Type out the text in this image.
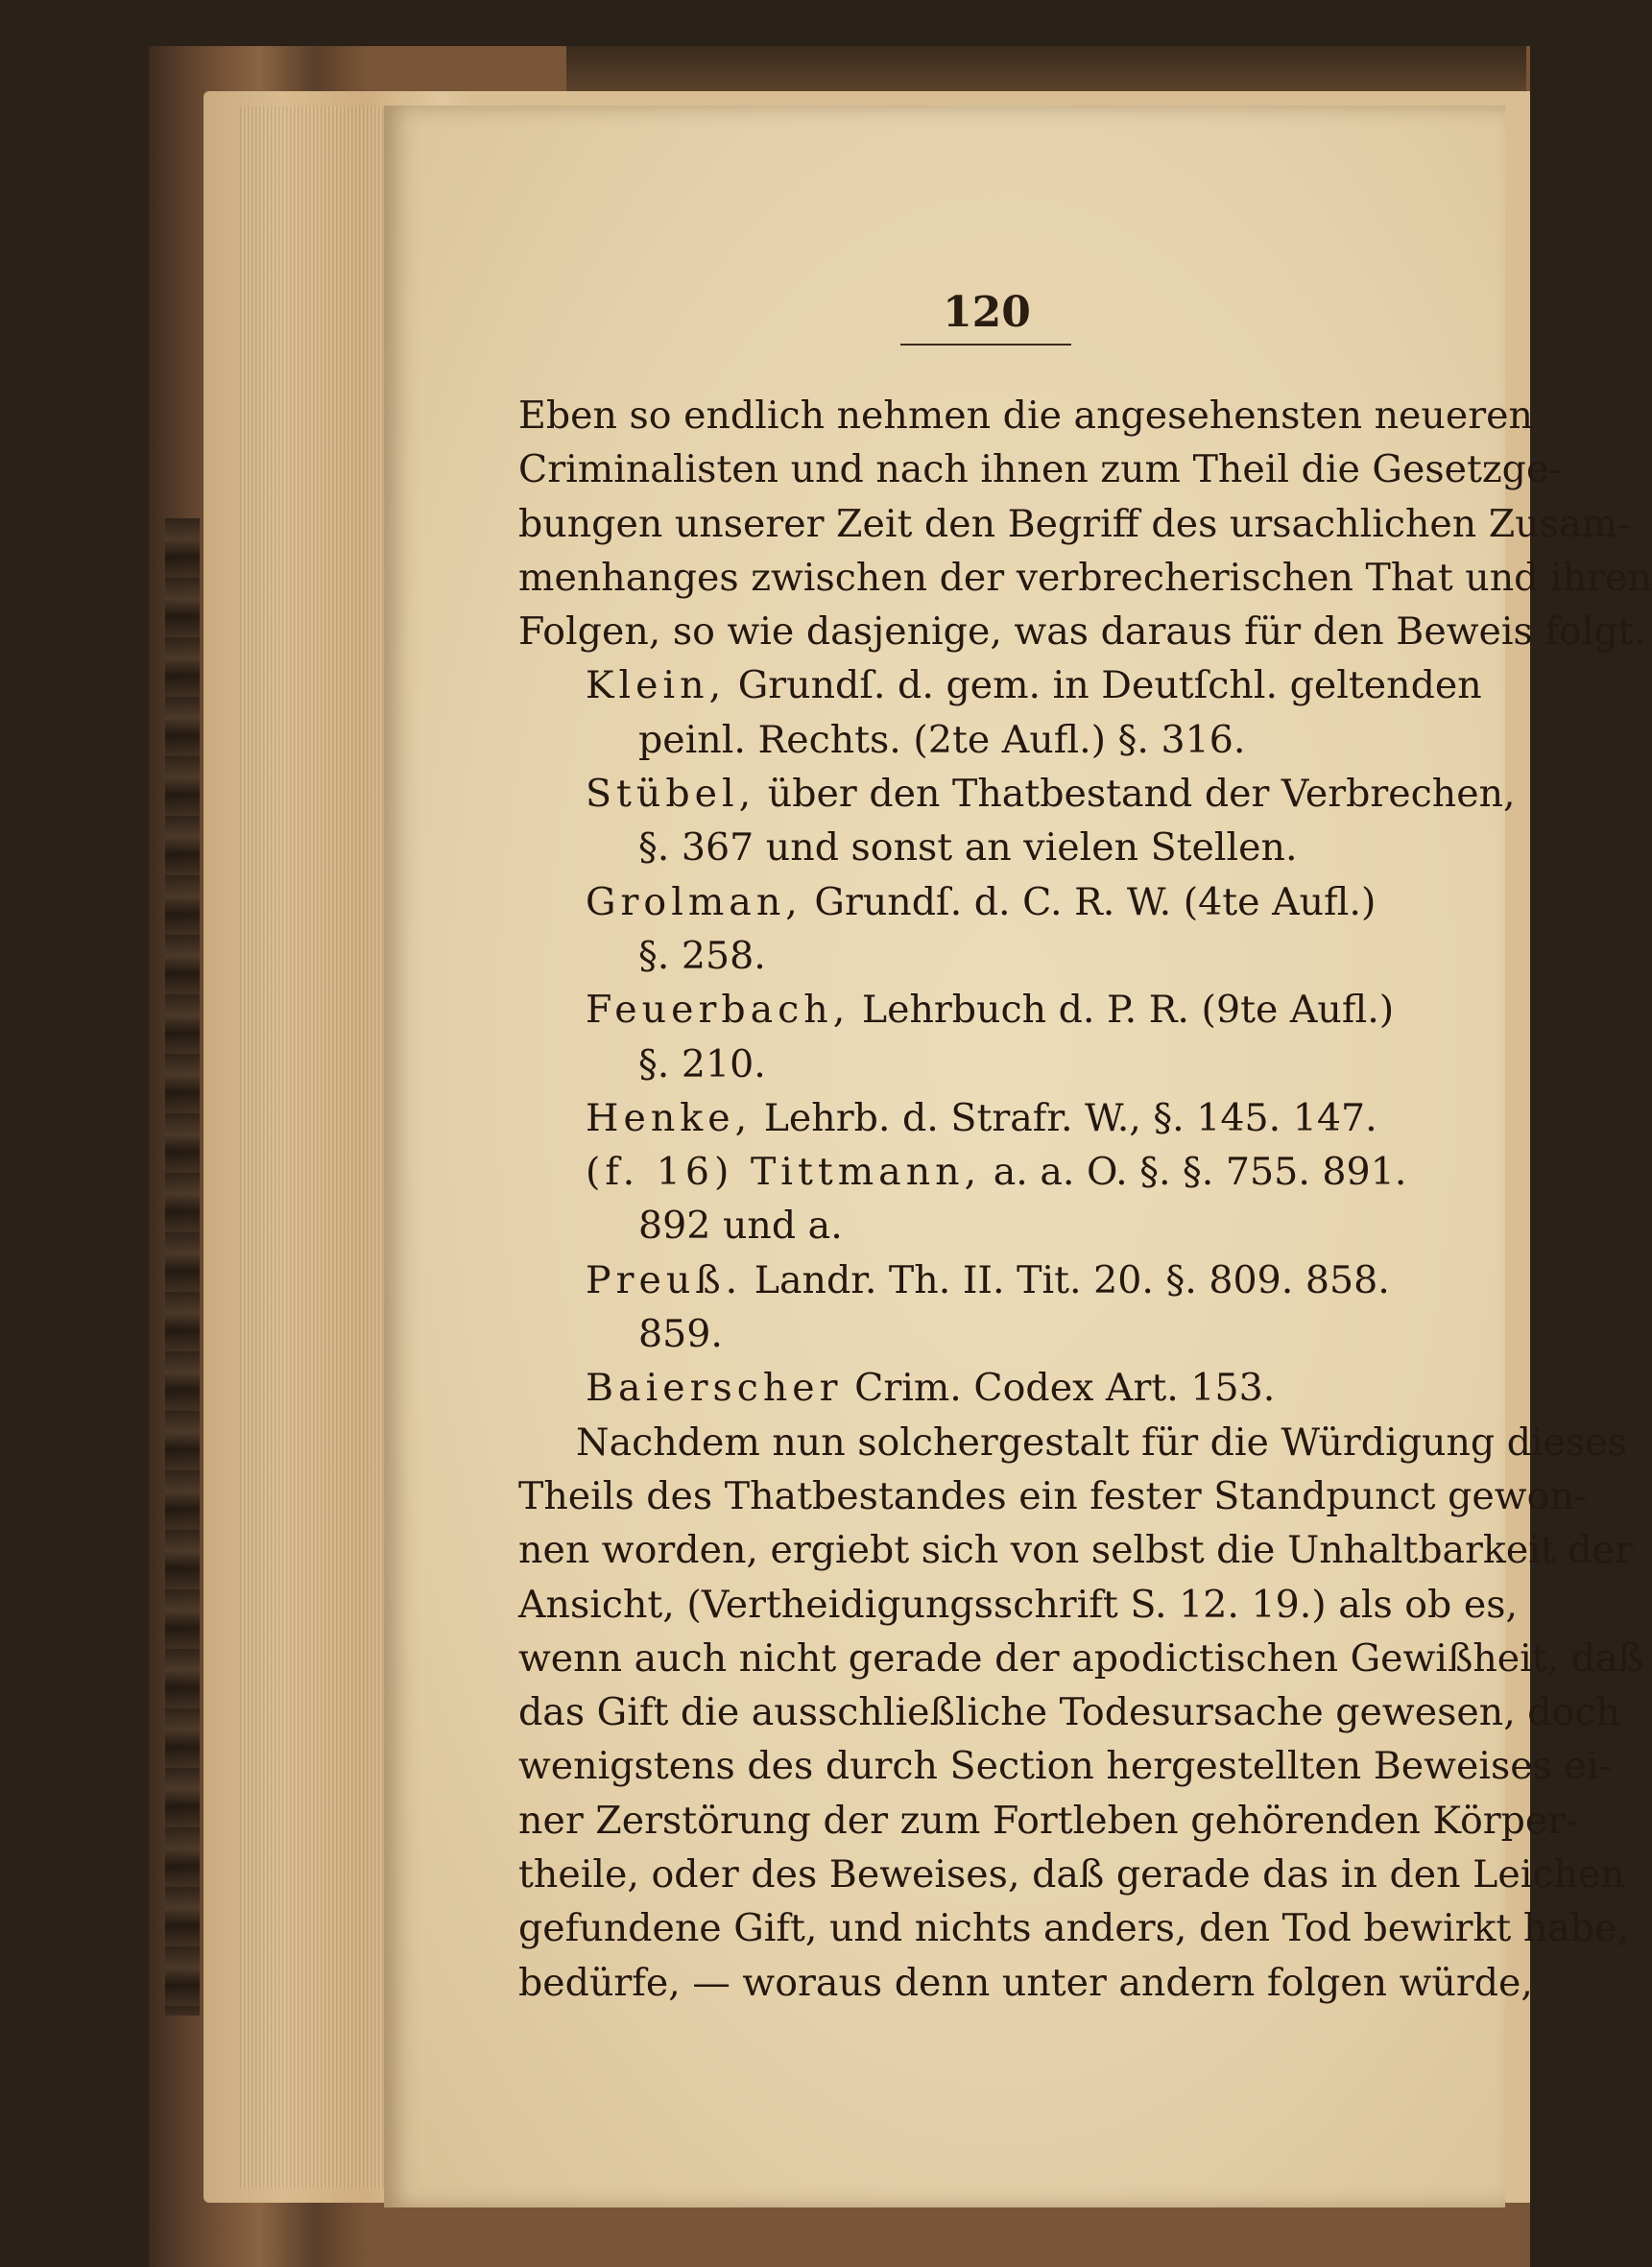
120
Eben so endlich nehmen die angesehensten neueren
Criminalisten und nach ihnen zum Theil die Gesetzge-
bungen unserer Zeit den Begriff des ursachlichen Zusam-
menhanges zwischen der verbrecherischen That und ihren
Folgen, so wie dasjenige, was daraus für den Beweis folgt.
Klein, Grundſ. d. gem. in Deutſchl. geltenden
peinl. Rechts. (2te Aufl.) §. 316.
Stübel, über den Thatbestand der Verbrechen,
§. 367 und sonst an vielen Stellen.
Grolman, Grundſ. d. C. R. W. (4te Aufl.)
§. 258.
Feuerbach, Lehrbuch d. P. R. (9te Aufl.)
§. 210.
Henke, Lehrb. d. Strafr. W., §. 145. 147.
(f. 16) Tittmann, a. a. O. §. §. 755. 891.
892 und a.
Preuß. Landr. Th. II. Tit. 20. §. 809. 858.
859.
Baierscher Crim. Codex Art. 153.
Nachdem nun solchergestalt für die Würdigung dieses
Theils des Thatbestandes ein fester Standpunct gewon-
nen worden, ergiebt sich von selbst die Unhaltbarkeit der
Ansicht, (Vertheidigungsschrift S. 12. 19.) als ob es,
wenn auch nicht gerade der apodictischen Gewißheit, daß
das Gift die ausschließliche Todesursache gewesen, doch
wenigstens des durch Section hergestellten Beweises ei-
ner Zerstörung der zum Fortleben gehörenden Körper-
theile, oder des Beweises, daß gerade das in den Leichen
gefundene Gift, und nichts anders, den Tod bewirkt habe,
bedürfe, — woraus denn unter andern folgen würde,
